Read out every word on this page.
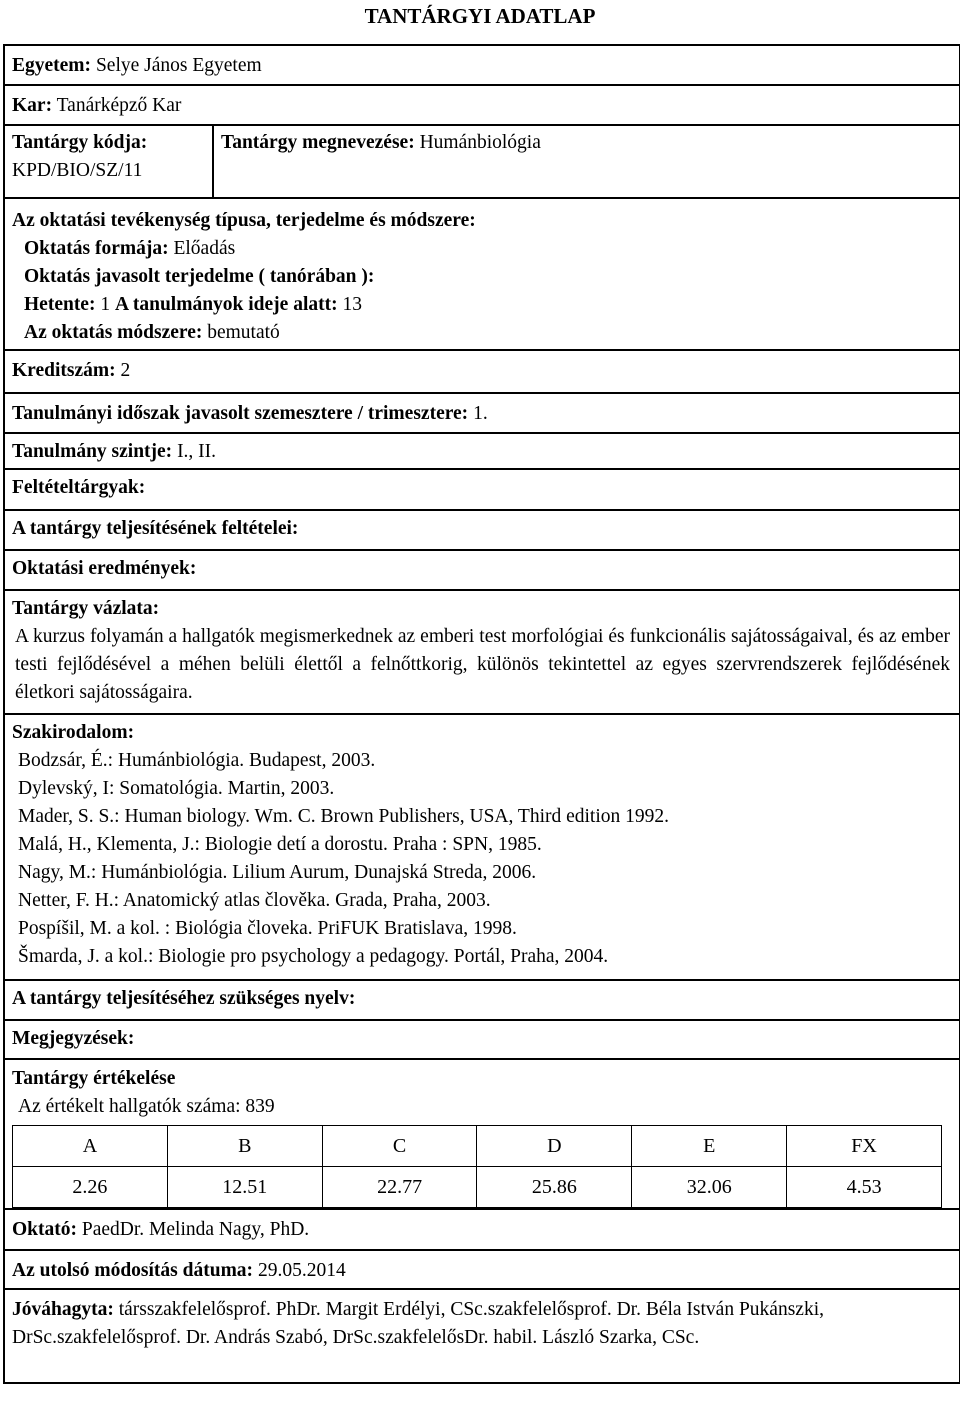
TANTÁRGYI ADATLAP
Egyetem: Selye János Egyetem
Kar: Tanárképző Kar
Tantárgy kódja:
KPD/BIO/SZ/11
Tantárgy megnevezése: Humánbiológia
Az oktatási tevékenység típusa, terjedelme és módszere:
Oktatás formája: Előadás
Oktatás javasolt terjedelme ( tanórában ):
Hetente: 1 A tanulmányok ideje alatt: 13
Az oktatás módszere: bemutató
Kreditszám: 2
Tanulmányi időszak javasolt szemesztere / trimesztere: 1.
Tanulmány szintje: I., II.
Feltételtárgyak:
A tantárgy teljesítésének feltételei:
Oktatási eredmények:
Tantárgy vázlata:
A kurzus folyamán a hallgatók megismerkednek az emberi test morfológiai és funkcionális sajátosságaival, és az ember testi fejlődésével a méhen belüli élettől a felnőttkorig, különös tekintettel az egyes szervrendszerek fejlődésének életkori sajátosságaira.
Szakirodalom:
Bodzsár, É.: Humánbiológia. Budapest, 2003.
Dylevský, I: Somatológia. Martin, 2003.
Mader, S. S.: Human biology. Wm. C. Brown Publishers, USA, Third edition 1992.
Malá, H., Klementa, J.: Biologie detí a dorostu. Praha : SPN, 1985.
Nagy, M.: Humánbiológia. Lilium Aurum, Dunajská Streda, 2006.
Netter, F. H.: Anatomický atlas člověka. Grada, Praha, 2003.
Pospíšil, M. a kol. : Biológia človeka. PriFUK Bratislava, 1998.
Šmarda, J. a kol.: Biologie pro psychology a pedagogy. Portál, Praha, 2004.
A tantárgy teljesítéséhez szükséges nyelv:
Megjegyzések:
Tantárgy értékelése
Az értékelt hallgatók száma: 839
A	B	C	D	E	FX
2.26	12.51	22.77	25.86	32.06	4.53
Oktató: PaedDr. Melinda Nagy, PhD.
Az utolsó módosítás dátuma: 29.05.2014
Jóváhagyta: társszakfelelősprof. PhDr. Margit Erdélyi, CSc.szakfelelősprof. Dr. Béla István Pukánszki, DrSc.szakfelelősprof. Dr. András Szabó, DrSc.szakfelelősDr. habil. László Szarka, CSc.
